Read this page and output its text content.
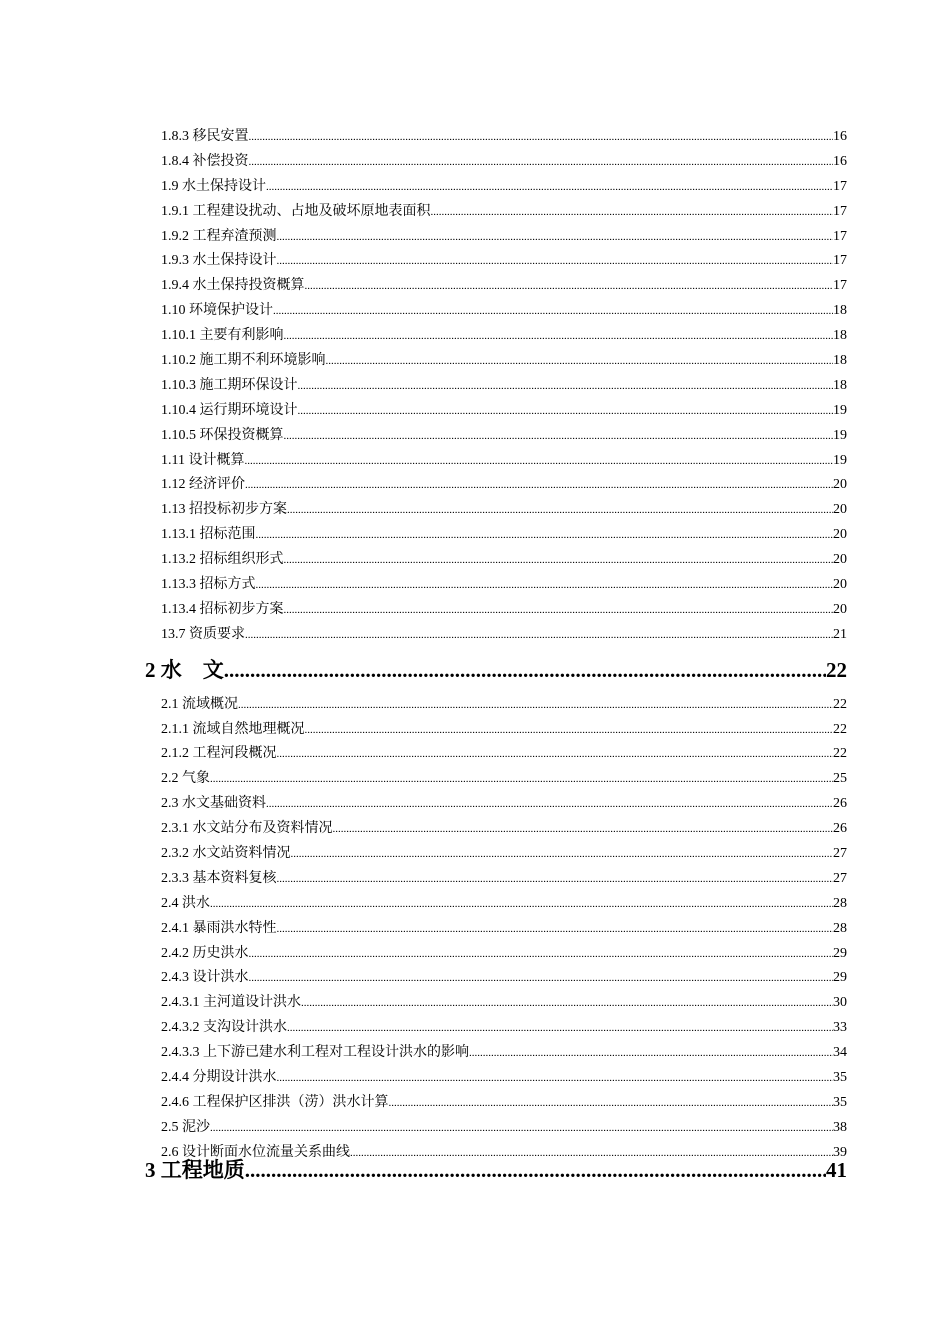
1.8.3 移民安置 .....	16
1.8.4 补偿投资 .....	16
1.9 水土保持设计 .....	17
1.9.1 工程建设扰动、占地及破坏原地表面积 .....	17
1.9.2 工程弃渣预测 .....	17
1.9.3 水土保持设计 .....	17
1.9.4 水土保持投资概算 .....	17
1.10 环境保护设计 .....	18
1.10.1 主要有利影响 .....	18
1.10.2 施工期不利环境影响 .....	18
1.10.3 施工期环保设计 .....	18
1.10.4 运行期环境设计 .....	19
1.10.5 环保投资概算 .....	19
1.11 设计概算 .....	19
1.12 经济评价 .....	20
1.13 招投标初步方案 .....	20
1.13.1 招标范围 .....	20
1.13.2 招标组织形式 .....	20
1.13.3 招标方式 .....	20
1.13.4 招标初步方案 .....	20
13.7 资质要求 .....	21
2 水　文 .....	22
2.1 流域概况 .....	22
2.1.1 流域自然地理概况 .....	22
2.1.2 工程河段概况 .....	22
2.2 气象 .....	25
2.3 水文基础资料 .....	26
2.3.1 水文站分布及资料情况 .....	26
2.3.2 水文站资料情况 .....	27
2.3.3 基本资料复核 .....	27
2.4 洪水 .....	28
2.4.1 暴雨洪水特性 .....	28
2.4.2 历史洪水 .....	29
2.4.3 设计洪水 .....	29
2.4.3.1 主河道设计洪水 .....	30
2.4.3.2 支沟设计洪水 .....	33
2.4.3.3 上下游已建水利工程对工程设计洪水的影响 .....	34
2.4.4 分期设计洪水 .....	35
2.4.6 工程保护区排洪（涝）洪水计算 .....	35
2.5 泥沙 .....	38
2.6 设计断面水位流量关系曲线 .....	39
3 工程地质 .....	41
